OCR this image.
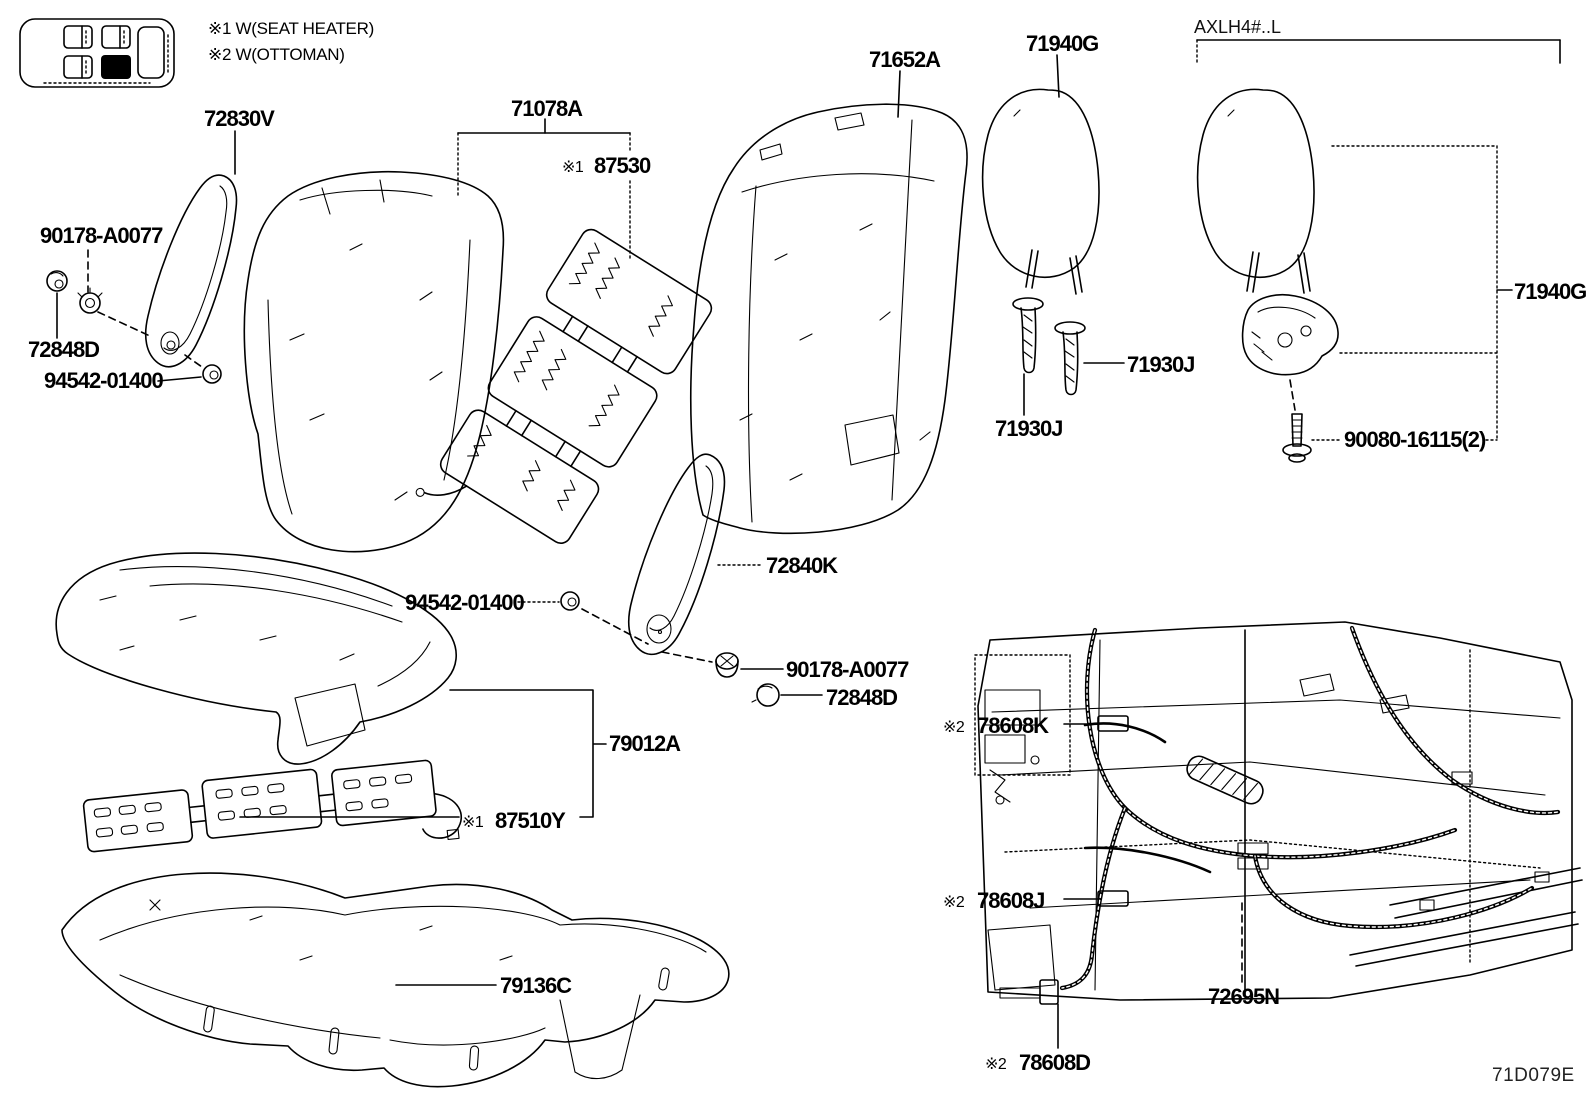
※1 W(SEAT HEATER)
※2 W(OTTOMAN)
72830V
90178-A0077
72848D
94542-01400
71078A
※1 87530
71652A
71940G
71930J
71930J
AXLH4#..L
90080-16115(2)
71940G
72840K
94542-01400
90178-A0077
72848D
79012A
※1 87510Y
79136C
※2 78608K
※2 78608J
※2 78608D
72695N
71D079E
